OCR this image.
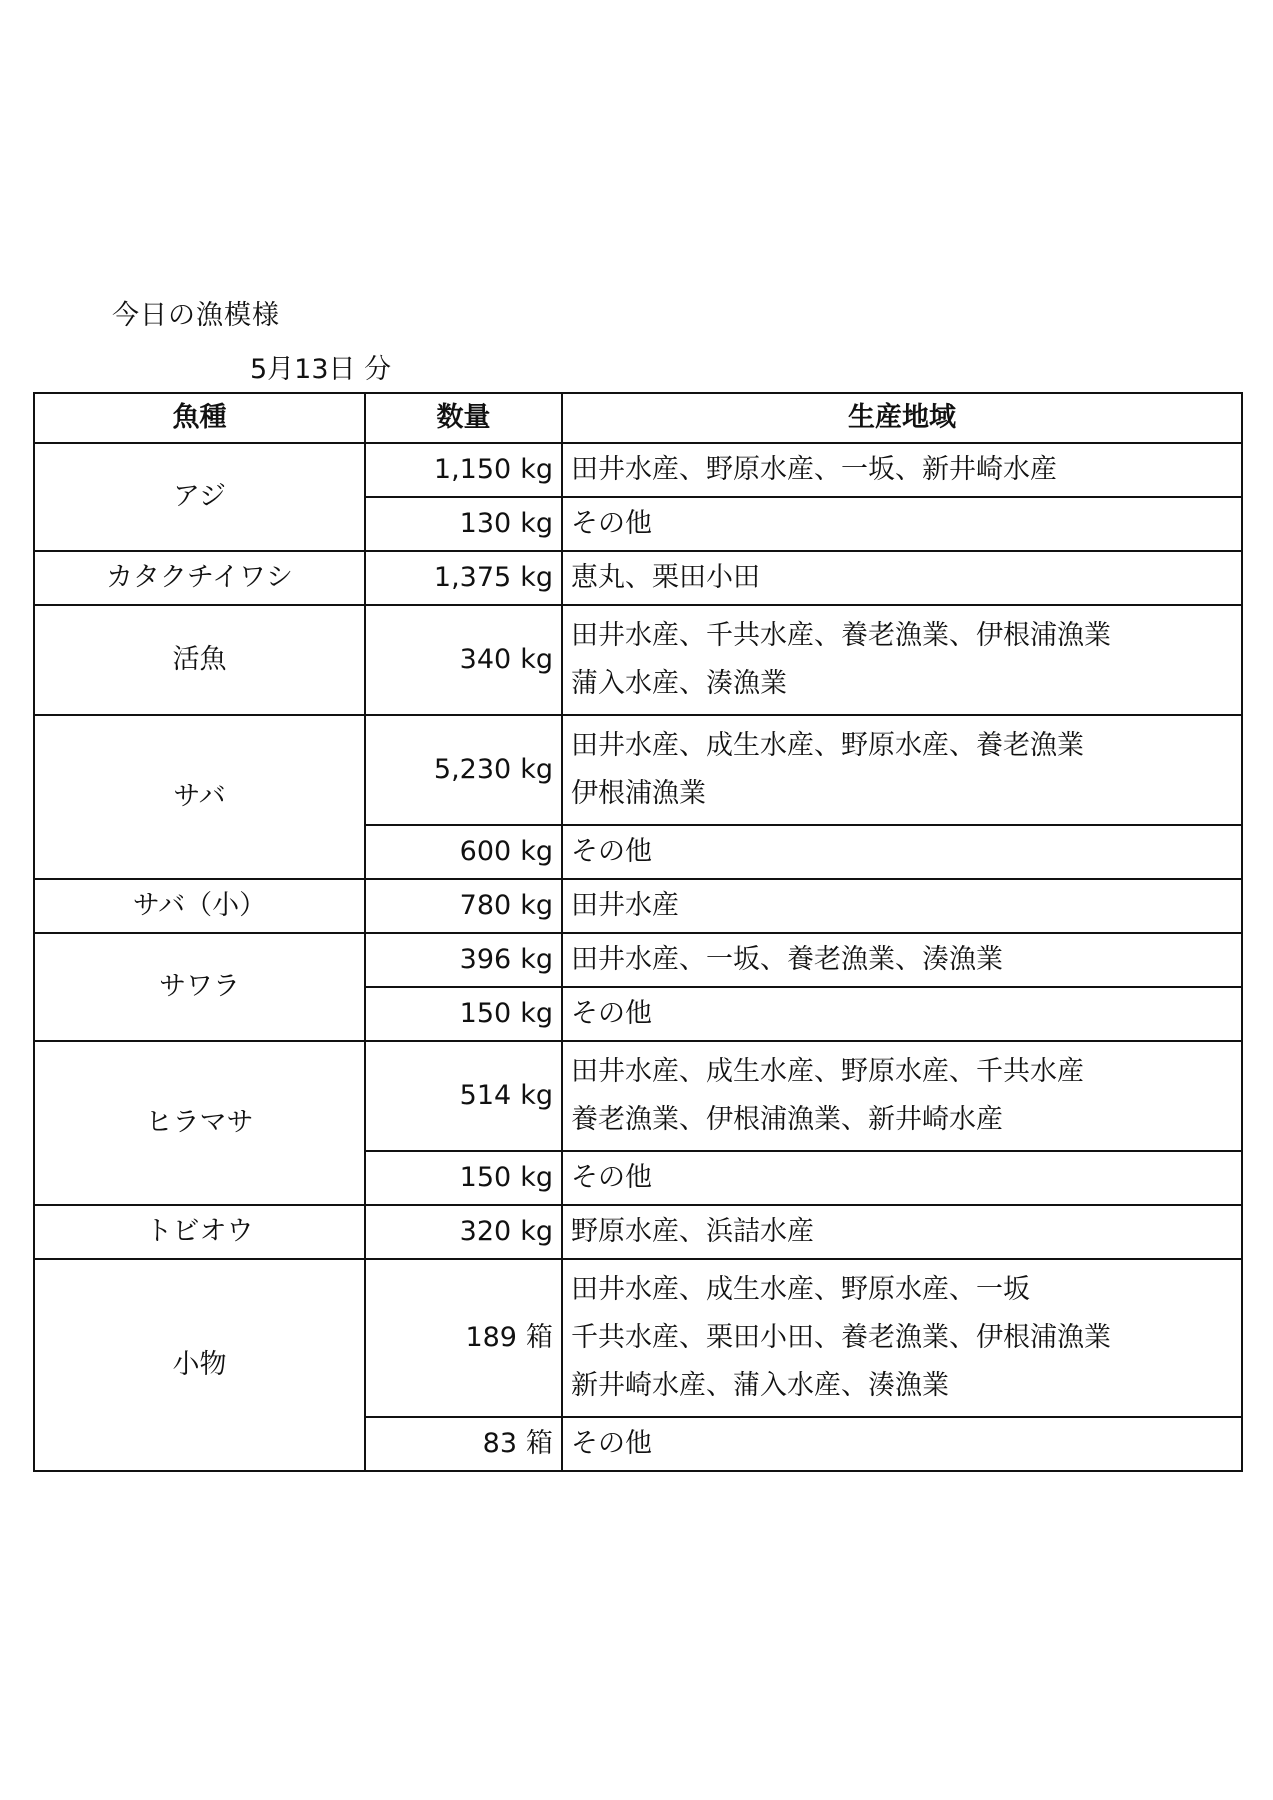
今日の漁模様
5月13日 分
魚種	数量	生産地域
アジ	1,150 kg	田井水産、野原水産、一坂、新井崎水産

	130 kg	その他

カタクチイワシ	1,375 kg	恵丸、栗田小田

活魚	340 kg	田井水産、千共水産、養老漁業、伊根浦漁業
蒲入水産、湊漁業

サバ	5,230 kg	田井水産、成生水産、野原水産、養老漁業
伊根浦漁業

	600 kg	その他

サバ（小）	780 kg	田井水産

サワラ	396 kg	田井水産、一坂、養老漁業、湊漁業

	150 kg	その他

ヒラマサ	514 kg	田井水産、成生水産、野原水産、千共水産
養老漁業、伊根浦漁業、新井崎水産

	150 kg	その他

トビオウ	320 kg	野原水産、浜詰水産

小物	189 箱	田井水産、成生水産、野原水産、一坂
千共水産、栗田小田、養老漁業、伊根浦漁業
新井崎水産、蒲入水産、湊漁業

	83 箱	その他
